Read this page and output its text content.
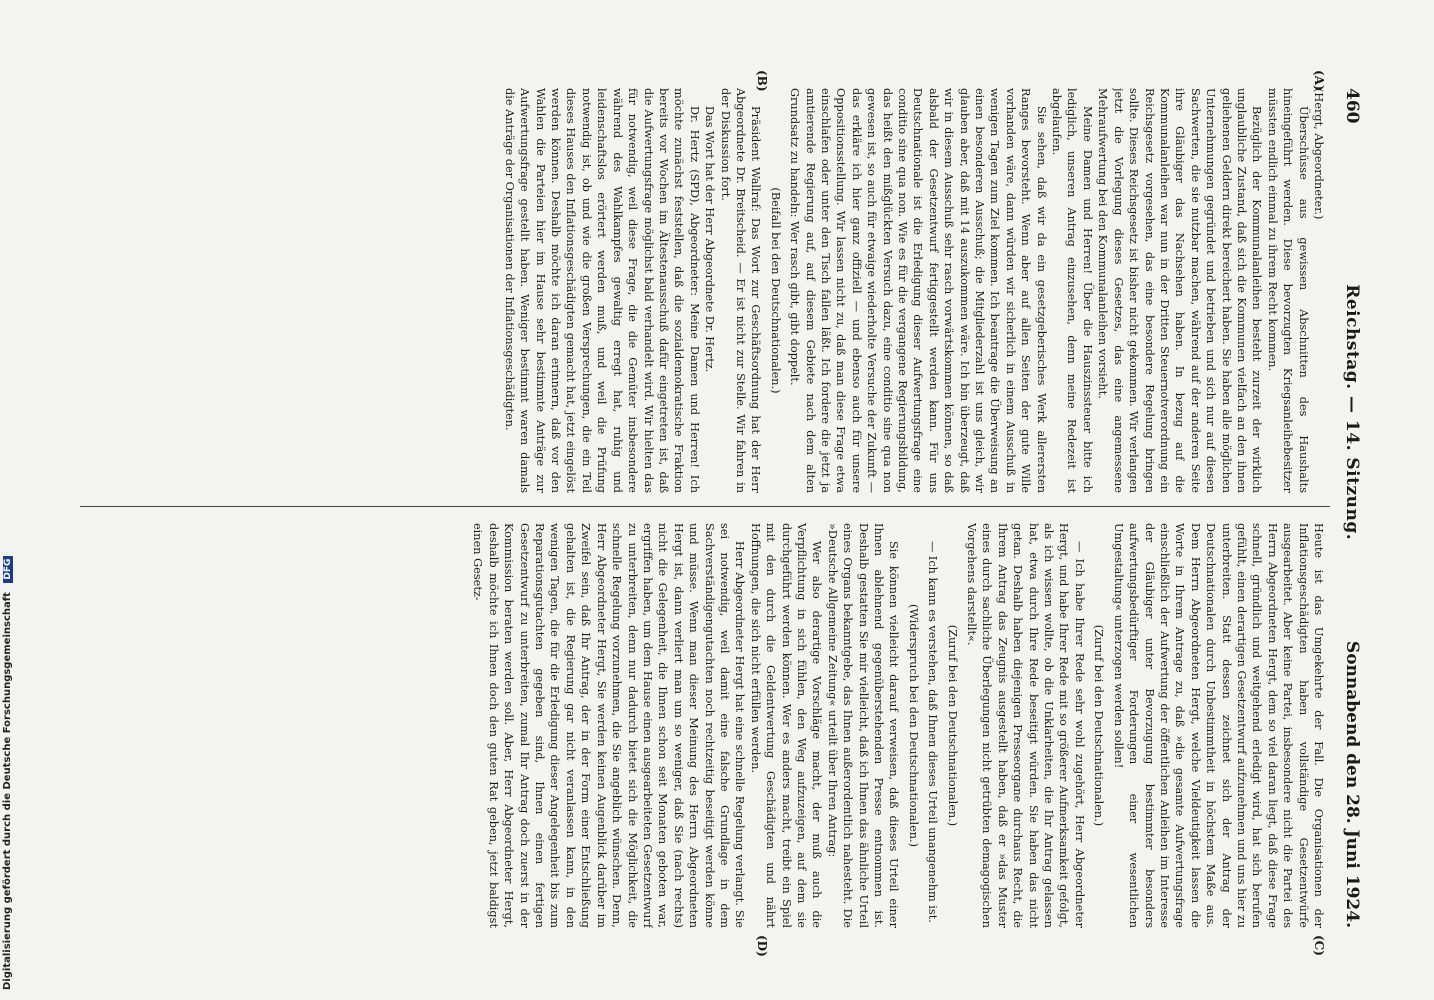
460
Reichstag. — 14. Sitzung.
Sonnabend den 28. Juni 1924.
(A)
(B)
(C)
(D)

(Hergt, Abgeordneter.)

Überschüsse aus gewissen Abschnitten des Haushalts hineingeführt werden. Diese bevorzugten Kriegsanleihebesitzer müssten endlich einmal zu ihrem Recht kommen.

Bezüglich der Kommunalanleihen besteht zurzeit der wirklich unglaubliche Zustand, daß sich die Kommunen vielfach an den ihnen geliehenen Geldern direkt bereichert haben. Sie haben alle möglichen Unternehmungen gegründet und betrieben und sich nur auf diesen Sachwerten, die sie nutzbar machen, während auf der anderen Seite ihre Gläubiger das Nachsehen haben. In bezug auf die Kommunalanleihen war nun in der Dritten Steuernotverordnung ein Reichsgesetz vorgesehen, das eine besondere Regelung bringen sollte. Dieses Reichsgesetz ist bisher nicht gekommen. Wir verlangen jetzt die Vorlegung dieses Gesetzes, das eine angemessene Mehraufwertung bei den Kommunalanleihen vorsieht.

Meine Damen und Herren! Über die Hauszinssteuer bitte ich lediglich, unseren Antrag einzusehen, denn meine Redezeit ist abgelaufen.

Sie sehen, daß wir da ein gesetzgeberisches Werk allerersten Ranges bevorsteht. Wenn aber auf allen Seiten der gute Wille vorhanden wäre, dann würden wir sicherlich in einem Ausschuß in wenigen Tagen zum Ziel kommen. Ich beantrage die Überweisung an einen besonderen Ausschuß; die Mitgliederzahl ist uns gleich, wir glauben aber, daß mit 14 auszukommen wäre. Ich bin überzeugt, daß wir in diesem Ausschuß sehr rasch vorwärtskommen können, so daß alsbald der Gesetzentwurf fertiggestellt werden kann. Für uns Deutschnationale ist die Erledigung dieser Aufwertungsfrage eine conditio sine qua non. Wie es für die vergangene Regierungsbildung, das heißt den mißglückten Versuch dazu, eine conditio sine qua non gewesen ist, so auch für etwaige wiederholte Versuche der Zukunft — das erkläre ich hier ganz offiziell — und ebenso auch für unsere Oppositionsstellung. Wir lassen nicht zu, daß man diese Frage etwa einschlafen oder unter den Tisch fallen läßt. Ich fordere die jetzt ja amtierende Regierung auf, auf diesem Gebiete nach dem alten Grundsatz zu handeln: Wer rasch gibt, gibt doppelt.

(Beifall bei den Deutschnationalen.)

Präsident Wallraf: Das Wort zur Geschäftsordnung hat der Herr Abgeordnete Dr. Breitscheid. — Er ist nicht zur Stelle. Wir fahren in der Diskussion fort.

Das Wort hat der Herr Abgeordnete Dr. Hertz.

Dr. Hertz (SPD), Abgeordneter: Meine Damen und Herren! Ich möchte zunächst feststellen, daß die sozialdemokratische Fraktion bereits vor Wochen im Ältestenausschuß dafür eingetreten ist, daß die Aufwertungsfrage möglichst bald verhandelt wird. Wir hielten das für notwendig, weil diese Frage, die die Gemüter insbesondere während des Wahlkampfes gewaltig erregt hat, ruhig und leidenschaftslos erörtert werden muß, und weil die Prüfung notwendig ist, ob und wie die großen Versprechungen, die ein Teil dieses Hauses den Inflationsgeschädigten gemacht hat, jetzt eingelöst werden können. Deshalb möchte ich daran erinnern, daß vor den Wahlen die Parteien hier im Hause sehr bestimmte Anträge zur Aufwertungsfrage gestellt haben. Weniger bestimmt waren damals die Anträge der Organisationen der Inflationsgeschädigten.

Heute ist das Umgekehrte der Fall. Die Organisationen der Inflationsgeschädigten haben vollständige Gesetzentwürfe ausgearbeitet. Aber keine Partei, insbesondere nicht die Partei des Herrn Abgeordneten Hergt, dem so viel daran liegt, daß diese Frage schnell, gründlich und weitgehend erledigt wird, hat sich berufen gefühlt, einen derartigen Gesetzentwurf aufzunehmen und uns hier zu unterbreiten. Statt dessen zeichnet sich der Antrag der Deutschnationalen durch Unbestimmtheit in höchstem Maße aus. Dem Herrn Abgeordneten Hergt, welche Vieldeutigkeit lassen die Worte in Ihrem Antrage zu, daß »die gesamte Aufwertungsfrage einschließlich der Aufwertung der öffentlichen Anleihen im Interesse der Gläubiger unter Bevorzugung bestimmter besonders aufwertungsbedürftiger Forderungen einer wesentlichen Umgestaltung« unterzogen werden sollen!

(Zuruf bei den Deutschnationalen.)

— Ich habe Ihrer Rede sehr wohl zugehört, Herr Abgeordneter Hergt, und habe Ihrer Rede mit so größerer Aufmerksamkeit gefolgt, als ich wissen wollte, ob die Unklarheiten, die Ihr Antrag gelassen hat, etwa durch Ihre Rede beseitigt würden. Sie haben das nicht getan. Deshalb haben diejenigen Presseorgane durchaus Recht, die Ihrem Antrag das Zeugnis ausgestellt haben, daß er »das Muster eines durch sachliche Überlegungen nicht getrübten demagogischen Vorgehens darstellt«.

(Zuruf bei den Deutschnationalen.)

— Ich kann es verstehen, daß Ihnen dieses Urteil unangenehm ist.

(Widerspruch bei den Deutschnationalen.)

Sie können vielleicht darauf verweisen, daß dieses Urteil einer Ihnen ablehnend gegenüberstehenden Presse entnommen ist. Deshalb gestatten Sie mir vielleicht, daß ich Ihnen das ähnliche Urteil eines Organs bekanntgebe, das Ihnen außerordentlich nahesteht. Die »Deutsche Allgemeine Zeitung« urteilt über Ihren Antrag:

Wer also derartige Vorschläge macht, der muß auch die Verpflichtung in sich fühlen, den Weg aufzuzeigen, auf dem sie durchgeführt werden können. Wer es anders macht, treibt ein Spiel mit den durch die Geldentwertung Geschädigten und nährt Hoffnungen, die sich nicht erfüllen werden.

Herr Abgeordneter Hergt hat eine schnelle Regelung verlangt. Sie sei notwendig, weil damit eine falsche Grundlage in dem Sachverständigengutachten noch rechtzeitig beseitigt werden könne und müsse. Wenn man dieser Meinung des Herrn Abgeordneten Hergt ist, dann verliert man um so weniger, daß Sie (nach rechts) nicht die Gelegenheit, die Ihnen schon seit Monaten geboten war, ergriffen haben, um dem Hause einen ausgearbeiteten Gesetzentwurf zu unterbreiten, denn nur dadurch bietet sich die Möglichkeit, die schnelle Regelung vorzunehmen, die Sie angeblich wünschen. Denn, Herr Abgeordneter Hergt, Sie werden keinen Augenblick darüber im Zweifel sein, daß Ihr Antrag, der in der Form einer Entschließung gehalten ist, die Regierung gar nicht veranlassen kann, in den wenigen Tagen, die für die Erledigung dieser Angelegenheit bis zum Reparationsgutachten gegeben sind, Ihnen einen fertigen Gesetzentwurf zu unterbreiten, zumal Ihr Antrag doch zuerst in der Kommission beraten werden soll. Aber, Herr Abgeordneter Hergt, deshalb möchte ich Ihnen doch den guten Rat geben, jetzt baldigst einen Gesetz-

Digitalisierung gefördert durch die Deutsche Forschungsgemeinschaft DFG
